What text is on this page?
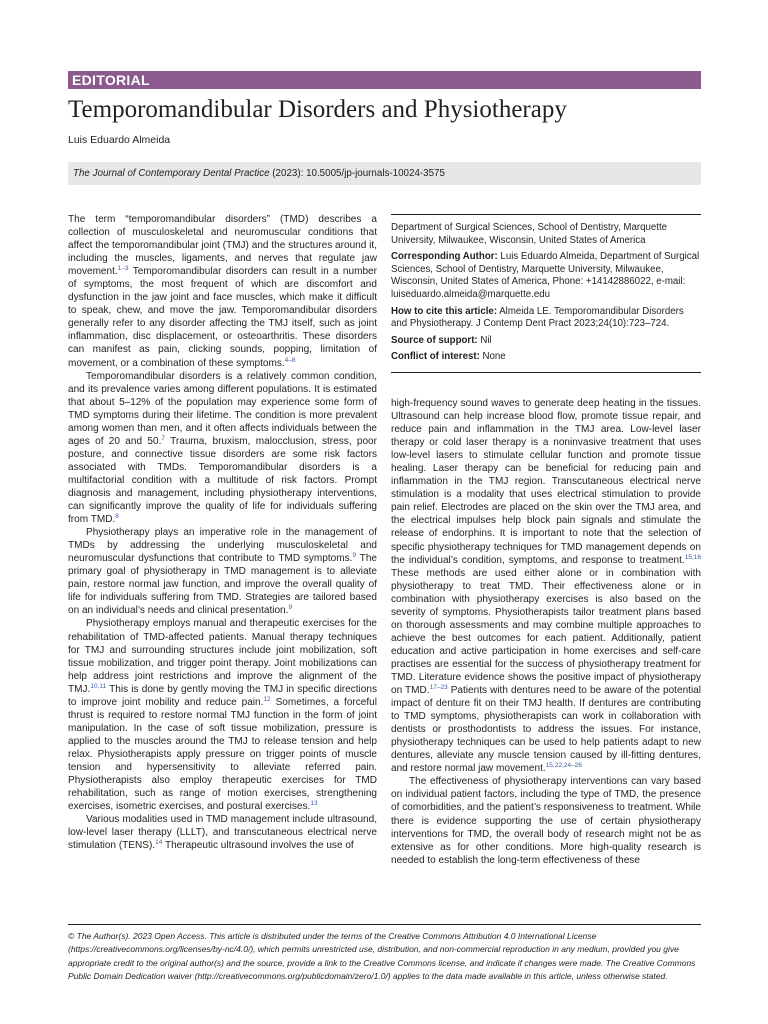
EDITORIAL
Temporomandibular Disorders and Physiotherapy
Luis Eduardo Almeida
The Journal of Contemporary Dental Practice (2023): 10.5005/jp-journals-10024-3575

The term “temporomandibular disorders” (TMD) describes a collection of musculoskeletal and neuromuscular conditions that affect the temporomandibular joint (TMJ) and the structures around it, including the muscles, ligaments, and nerves that regulate jaw movement.$^{1-3}$ Temporomandibular disorders can result in a number of symptoms, the most frequent of which are discomfort and dysfunction in the jaw joint and face muscles, which make it difficult to speak, chew, and move the jaw. Temporomandibular disorders generally refer to any disorder affecting the TMJ itself, such as joint inflammation, disc displacement, or osteoarthritis. These disorders can manifest as pain, clicking sounds, popping, limitation of movement, or a combination of these symptoms.$^{4-8}$

Temporomandibular disorders is a relatively common condition, and its prevalence varies among different populations. It is estimated that about 5–12% of the population may experience some form of TMD symptoms during their lifetime. The condition is more prevalent among women than men, and it often affects individuals between the ages of 20 and 50.$^7$ Trauma, bruxism, malocclusion, stress, poor posture, and connective tissue disorders are some risk factors associated with TMDs. Temporomandibular disorders is a multifactorial condition with a multitude of risk factors. Prompt diagnosis and management, including physiotherapy interventions, can significantly improve the quality of life for individuals suffering from TMD.$^8$

Physiotherapy plays an imperative role in the management of TMDs by addressing the underlying musculoskeletal and neuromuscular dysfunctions that contribute to TMD symptoms.$^9$ The primary goal of physiotherapy in TMD management is to alleviate pain, restore normal jaw function, and improve the overall quality of life for individuals suffering from TMD. Strategies are tailored based on an individual’s needs and clinical presentation.$^9$

Physiotherapy employs manual and therapeutic exercises for the rehabilitation of TMD-affected patients. Manual therapy techniques for TMJ and surrounding structures include joint mobilization, soft tissue mobilization, and trigger point therapy. Joint mobilizations can help address joint restrictions and improve the alignment of the TMJ.$^{10,11}$ This is done by gently moving the TMJ in specific directions to improve joint mobility and reduce pain.$^{12}$ Sometimes, a forceful thrust is required to restore normal TMJ function in the form of joint manipulation. In the case of soft tissue mobilization, pressure is applied to the muscles around the TMJ to release tension and help relax. Physiotherapists apply pressure on trigger points of muscle tension and hypersensitivity to alleviate referred pain. Physiotherapists also employ therapeutic exercises for TMD rehabilitation, such as range of motion exercises, strengthening exercises, isometric exercises, and postural exercises.$^{13}$

Various modalities used in TMD management include ultrasound, low-level laser therapy (LLLT), and transcutaneous electrical nerve stimulation (TENS).$^{14}$ Therapeutic ultrasound involves the use of

Department of Surgical Sciences, School of Dentistry, Marquette University, Milwaukee, Wisconsin, United States of America
Corresponding Author: Luis Eduardo Almeida, Department of Surgical Sciences, School of Dentistry, Marquette University, Milwaukee, Wisconsin, United States of America, Phone: +14142886022, e-mail: luiseduardo.almeida@marquette.edu
How to cite this article: Almeida LE. Temporomandibular Disorders and Physiotherapy. J Contemp Dent Pract 2023;24(10):723–724.
Source of support: Nil
Conflict of interest: None

high-frequency sound waves to generate deep heating in the tissues. Ultrasound can help increase blood flow, promote tissue repair, and reduce pain and inflammation in the TMJ area. Low-level laser therapy or cold laser therapy is a noninvasive treatment that uses low-level lasers to stimulate cellular function and promote tissue healing. Laser therapy can be beneficial for reducing pain and inflammation in the TMJ region. Transcutaneous electrical nerve stimulation is a modality that uses electrical stimulation to provide pain relief. Electrodes are placed on the skin over the TMJ area, and the electrical impulses help block pain signals and stimulate the release of endorphins. It is important to note that the selection of specific physiotherapy techniques for TMD management depends on the individual’s condition, symptoms, and response to treatment.$^{15,16}$ These methods are used either alone or in combination with physiotherapy to treat TMD. Their effectiveness alone or in combination with physiotherapy exercises is also based on the severity of symptoms. Physiotherapists tailor treatment plans based on thorough assessments and may combine multiple approaches to achieve the best outcomes for each patient. Additionally, patient education and active participation in home exercises and self-care practises are essential for the success of physiotherapy treatment for TMD. Literature evidence shows the positive impact of physiotherapy on TMD.$^{17-23}$ Patients with dentures need to be aware of the potential impact of denture fit on their TMJ health. If dentures are contributing to TMD symptoms, physiotherapists can work in collaboration with dentists or prosthodontists to address the issues. For instance, physiotherapy techniques can be used to help patients adapt to new dentures, alleviate any muscle tension caused by ill-fitting dentures, and restore normal jaw movement.$^{15,22,24-26}$

The effectiveness of physiotherapy interventions can vary based on individual patient factors, including the type of TMD, the presence of comorbidities, and the patient’s responsiveness to treatment. While there is evidence supporting the use of certain physiotherapy interventions for TMD, the overall body of research might not be as extensive as for other conditions. More high-quality research is needed to establish the long-term effectiveness of these

© The Author(s). 2023 Open Access. This article is distributed under the terms of the Creative Commons Attribution 4.0 International License (https://creativecommons.org/licenses/by-nc/4.0/), which permits unrestricted use, distribution, and non-commercial reproduction in any medium, provided you give appropriate credit to the original author(s) and the source, provide a link to the Creative Commons license, and indicate if changes were made. The Creative Commons Public Domain Dedication waiver (http://creativecommons.org/publicdomain/zero/1.0/) applies to the data made available in this article, unless otherwise stated.
